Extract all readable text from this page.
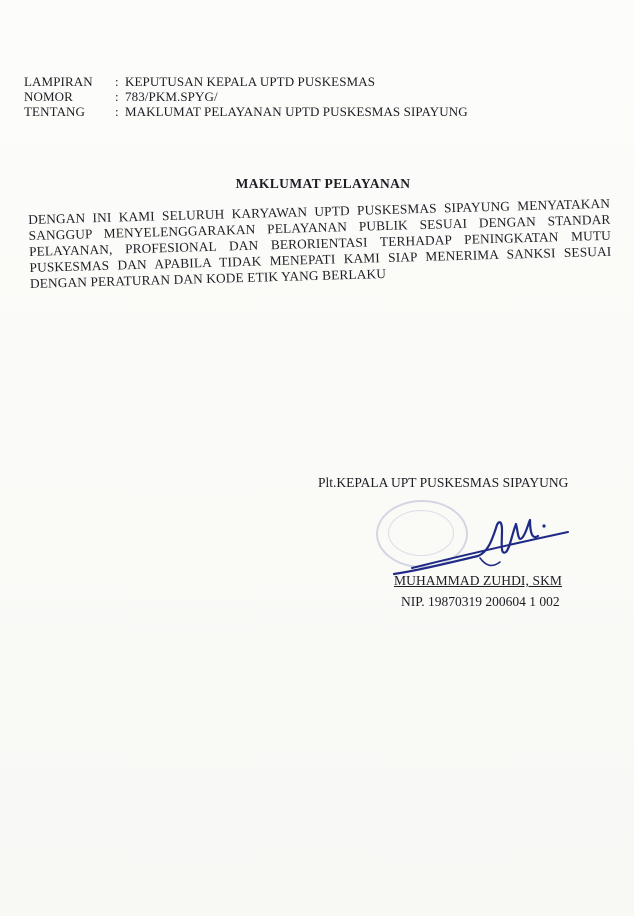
LAMPIRAN	: KEPUTUSAN KEPALA UPTD PUSKESMAS
NOMOR	: 783/PKM.SPYG/
TENTANG	: MAKLUMAT PELAYANAN UPTD PUSKESMAS SIPAYUNG
MAKLUMAT PELAYANAN
DENGAN INI KAMI SELURUH KARYAWAN UPTD PUSKESMAS SIPAYUNG MENYATAKAN SANGGUP MENYELENGGARAKAN PELAYANAN PUBLIK SESUAI DENGAN STANDAR PELAYANAN, PROFESIONAL DAN BERORIENTASI TERHADAP PENINGKATAN MUTU PUSKESMAS DAN APABILA TIDAK MENEPATI KAMI SIAP MENERIMA SANKSI SESUAI DENGAN PERATURAN DAN KODE ETIK YANG BERLAKU
Plt.KEPALA UPT PUSKESMAS SIPAYUNG
MUHAMMAD ZUHDI, SKM
NIP. 19870319 200604 1 002
